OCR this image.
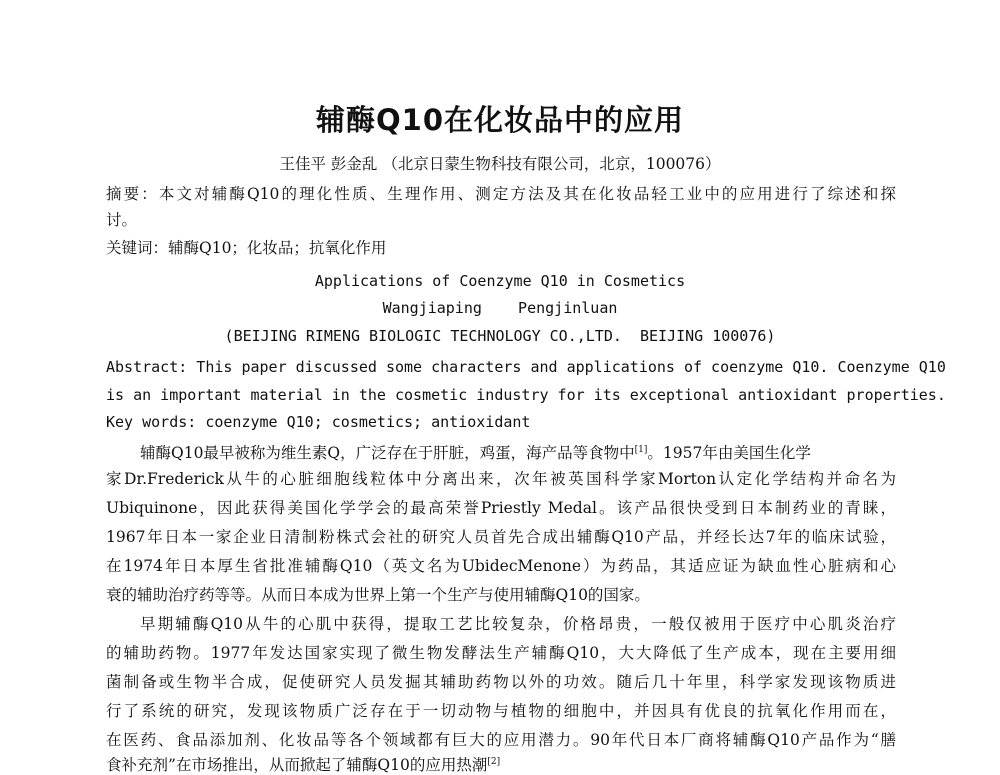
辅酶Q10在化妆品中的应用

王佳平 彭金乱 （北京日蒙生物科技有限公司，北京，100076）

摘要：本文对辅酶Q10的理化性质、生理作用、测定方法及其在化妆品轻工业中的应用进行了综述和探

讨。

关键词：辅酶Q10；化妆品；抗氧化作用

Applications of Coenzyme Q10 in Cosmetics

Wangjiaping    Pengjinluan

(BEIJING RIMENG BIOLOGIC TECHNOLOGY CO.,LTD.  BEIJING 100076)

Abstract: This paper discussed some characters and applications of coenzyme Q10. Coenzyme Q10

is an important material in the cosmetic industry for its exceptional antioxidant properties.

Key words: coenzyme Q10; cosmetics; antioxidant

辅酶Q10最早被称为维生素Q，广泛存在于肝脏，鸡蛋，海产品等食物中[1]。1957年由美国生化学

家Dr.Frederick从牛的心脏细胞线粒体中分离出来，次年被英国科学家Morton认定化学结构并命名为

Ubiquinone，因此获得美国化学学会的最高荣誉Priestly Medal。该产品很快受到日本制药业的青睐，

1967年日本一家企业日清制粉株式会社的研究人员首先合成出辅酶Q10产品，并经长达7年的临床试验，

在1974年日本厚生省批准辅酶Q10（英文名为UbidecMenone）为药品，其适应证为缺血性心脏病和心

衰的辅助治疗药等等。从而日本成为世界上第一个生产与使用辅酶Q10的国家。

早期辅酶Q10从牛的心肌中获得，提取工艺比较复杂，价格昂贵，一般仅被用于医疗中心肌炎治疗

的辅助药物。1977年发达国家实现了微生物发酵法生产辅酶Q10，大大降低了生产成本，现在主要用细

菌制备或生物半合成，促使研究人员发掘其辅助药物以外的功效。随后几十年里，科学家发现该物质进

行了系统的研究，发现该物质广泛存在于一切动物与植物的细胞中，并因具有优良的抗氧化作用而在，

在医药、食品添加剂、化妆品等各个领域都有巨大的应用潜力。90年代日本厂商将辅酶Q10产品作为“膳

食补充剂”在市场推出，从而掀起了辅酶Q10的应用热潮[2]
